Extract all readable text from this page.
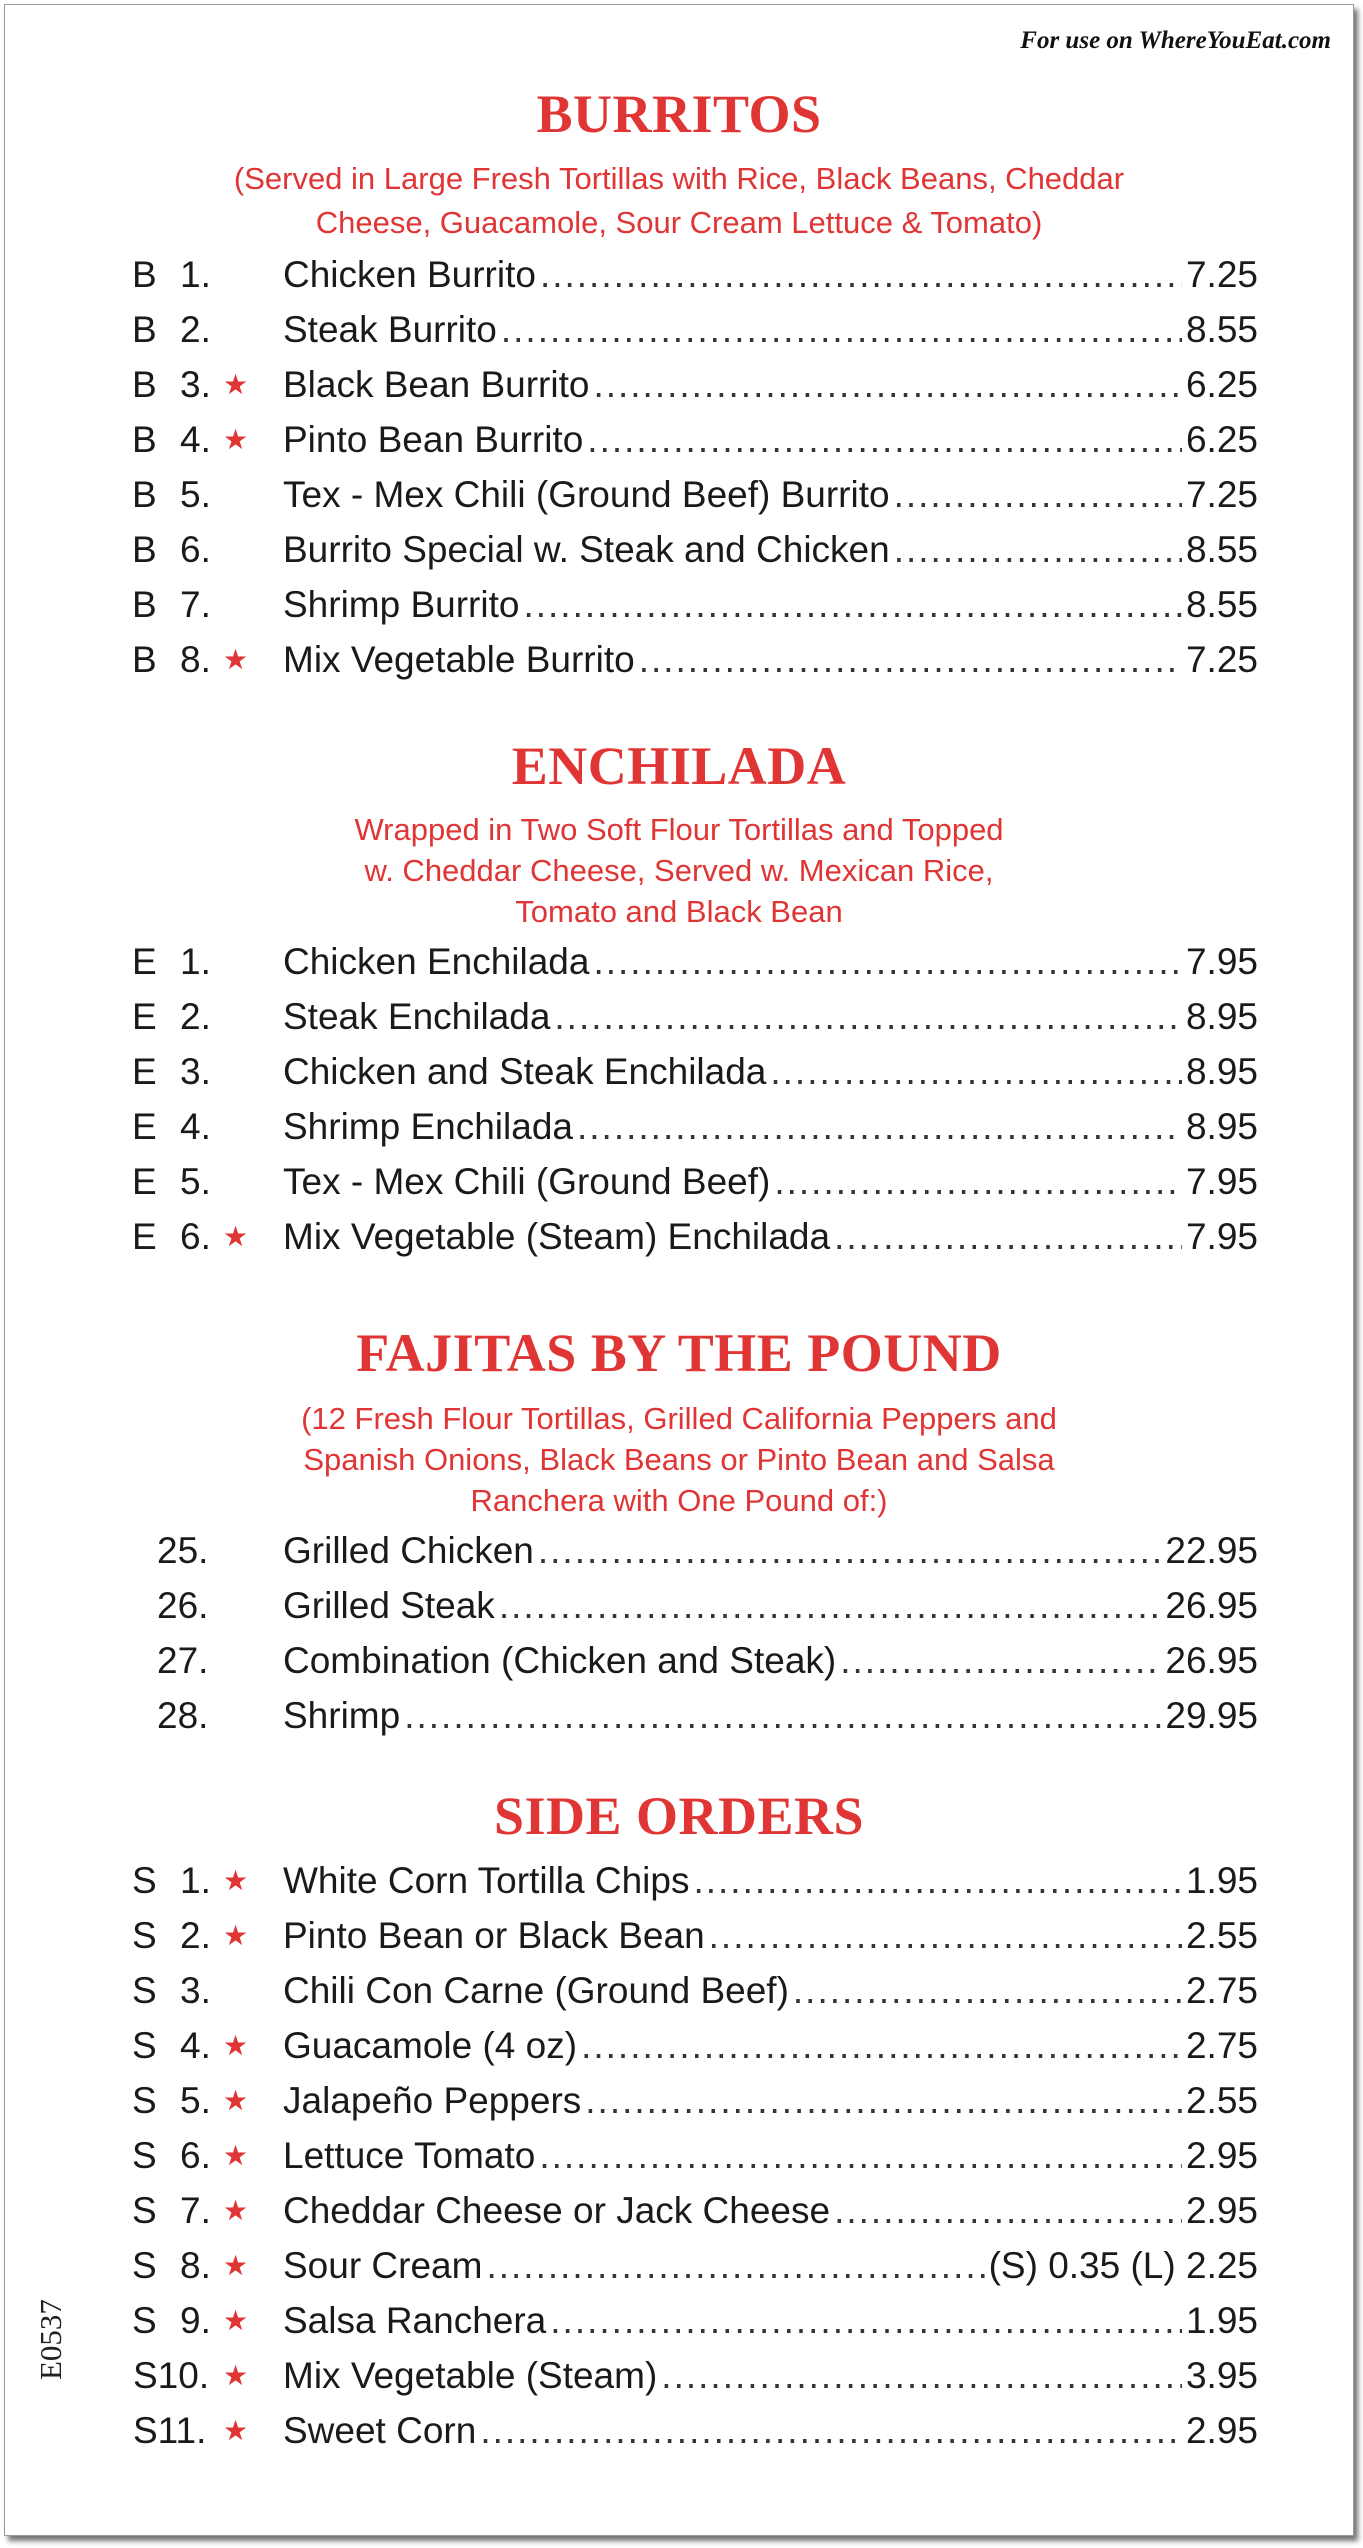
For use on WhereYouEat.com
BURRITOS
(Served in Large Fresh Tortillas with Rice, Black Beans, Cheddar
Cheese, Guacamole, Sour Cream Lettuce & Tomato)
B 1. Chicken Burrito .....	7.25
B 2. Steak Burrito .....	8.55
B 3. ★ Black Bean Burrito .....	6.25
B 4. ★ Pinto Bean Burrito .....	6.25
B 5. Tex - Mex Chili (Ground Beef) Burrito .....	7.25
B 6. Burrito Special w. Steak and Chicken .....	8.55
B 7. Shrimp Burrito .....	8.55
B 8. ★ Mix Vegetable Burrito .....	7.25
ENCHILADA
Wrapped in Two Soft Flour Tortillas and Topped
w. Cheddar Cheese, Served w. Mexican Rice,
Tomato and Black Bean
E 1. Chicken Enchilada .....	7.95
E 2. Steak Enchilada .....	8.95
E 3. Chicken and Steak Enchilada .....	8.95
E 4. Shrimp Enchilada .....	8.95
E 5. Tex - Mex Chili (Ground Beef) .....	7.95
E 6. ★ Mix Vegetable (Steam) Enchilada .....	7.95
FAJITAS BY THE POUND
(12 Fresh Flour Tortillas, Grilled California Peppers and
Spanish Onions, Black Beans or Pinto Bean and Salsa
Ranchera with One Pound of:)
25. Grilled Chicken .....	22.95
26. Grilled Steak .....	26.95
27. Combination (Chicken and Steak) .....	26.95
28. Shrimp .....	29.95
SIDE ORDERS
S 1. ★ White Corn Tortilla Chips .....	1.95
S 2. ★ Pinto Bean or Black Bean .....	2.55
S 3. Chili Con Carne (Ground Beef) .....	2.75
S 4. ★ Guacamole (4 oz) .....	2.75
S 5. ★ Jalapeño Peppers .....	2.55
S 6. ★ Lettuce Tomato .....	2.95
S 7. ★ Cheddar Cheese or Jack Cheese .....	2.95
S 8. ★ Sour Cream .....	(S) 0.35 (L) 2.25
S 9. ★ Salsa Ranchera .....	1.95
S10. ★ Mix Vegetable (Steam) .....	3.95
S11. ★ Sweet Corn .....	2.95
E0537
